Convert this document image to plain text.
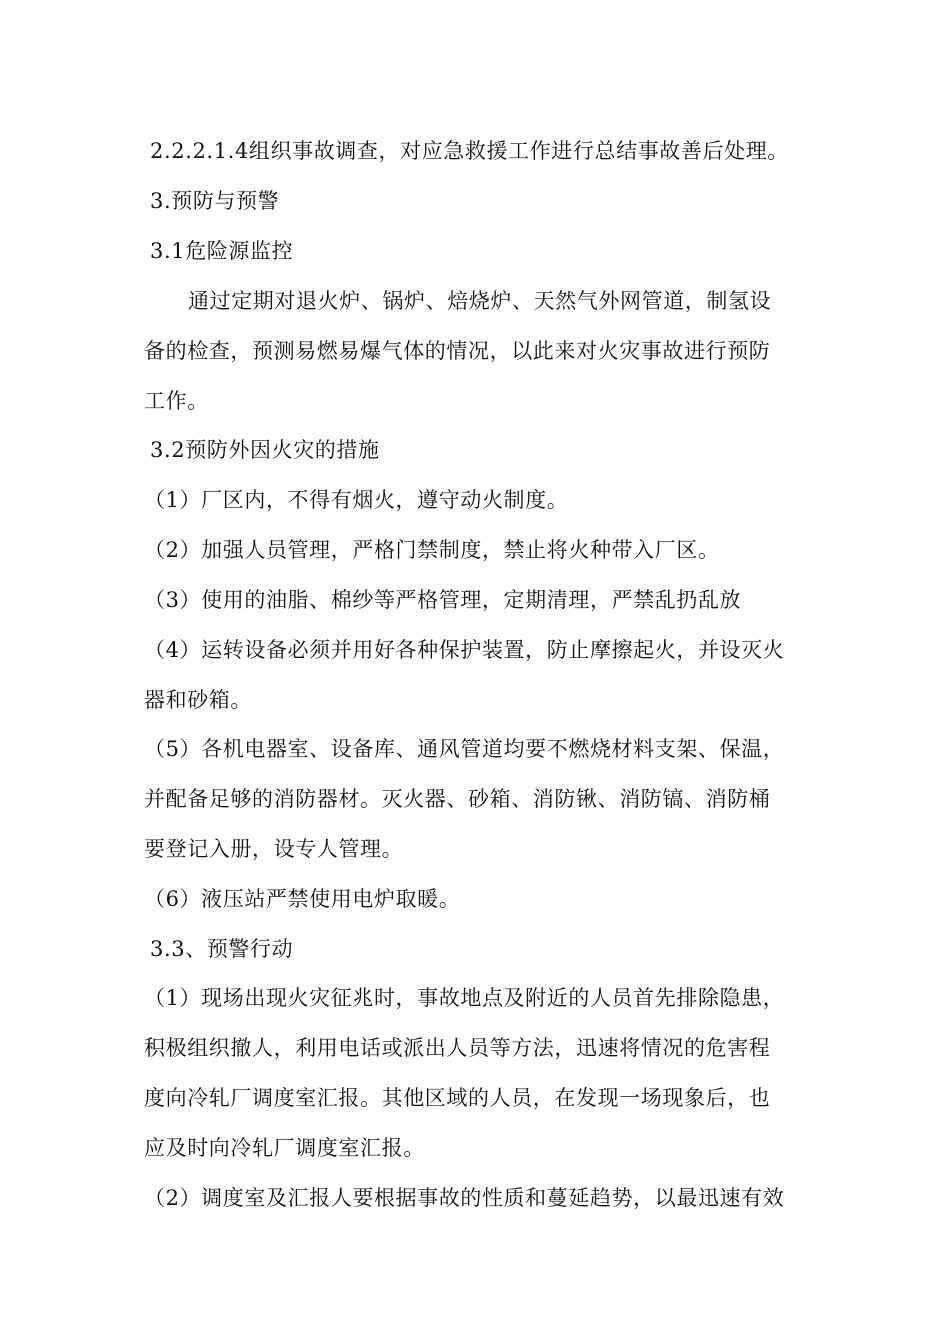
2.2.2.1.4组织事故调查，对应急救援工作进行总结事故善后处理。
3.预防与预警
3.1危险源监控
通过定期对退火炉、锅炉、焙烧炉、天然气外网管道，制氢设
备的检查，预测易燃易爆气体的情况，以此来对火灾事故进行预防
工作。
3.2预防外因火灾的措施
（1）厂区内，不得有烟火，遵守动火制度。
（2）加强人员管理，严格门禁制度，禁止将火种带入厂区。
（3）使用的油脂、棉纱等严格管理，定期清理，严禁乱扔乱放
（4）运转设备必须并用好各种保护装置，防止摩擦起火，并设灭火
器和砂箱。
（5）各机电器室、设备库、通风管道均要不燃烧材料支架、保温，
并配备足够的消防器材。灭火器、砂箱、消防锹、消防镐、消防桶
要登记入册，设专人管理。
（6）液压站严禁使用电炉取暖。
3.3、预警行动
（1）现场出现火灾征兆时，事故地点及附近的人员首先排除隐患，
积极组织撤人，利用电话或派出人员等方法，迅速将情况的危害程
度向冷轧厂调度室汇报。其他区域的人员，在发现一场现象后，也
应及时向冷轧厂调度室汇报。
（2）调度室及汇报人要根据事故的性质和蔓延趋势，以最迅速有效
